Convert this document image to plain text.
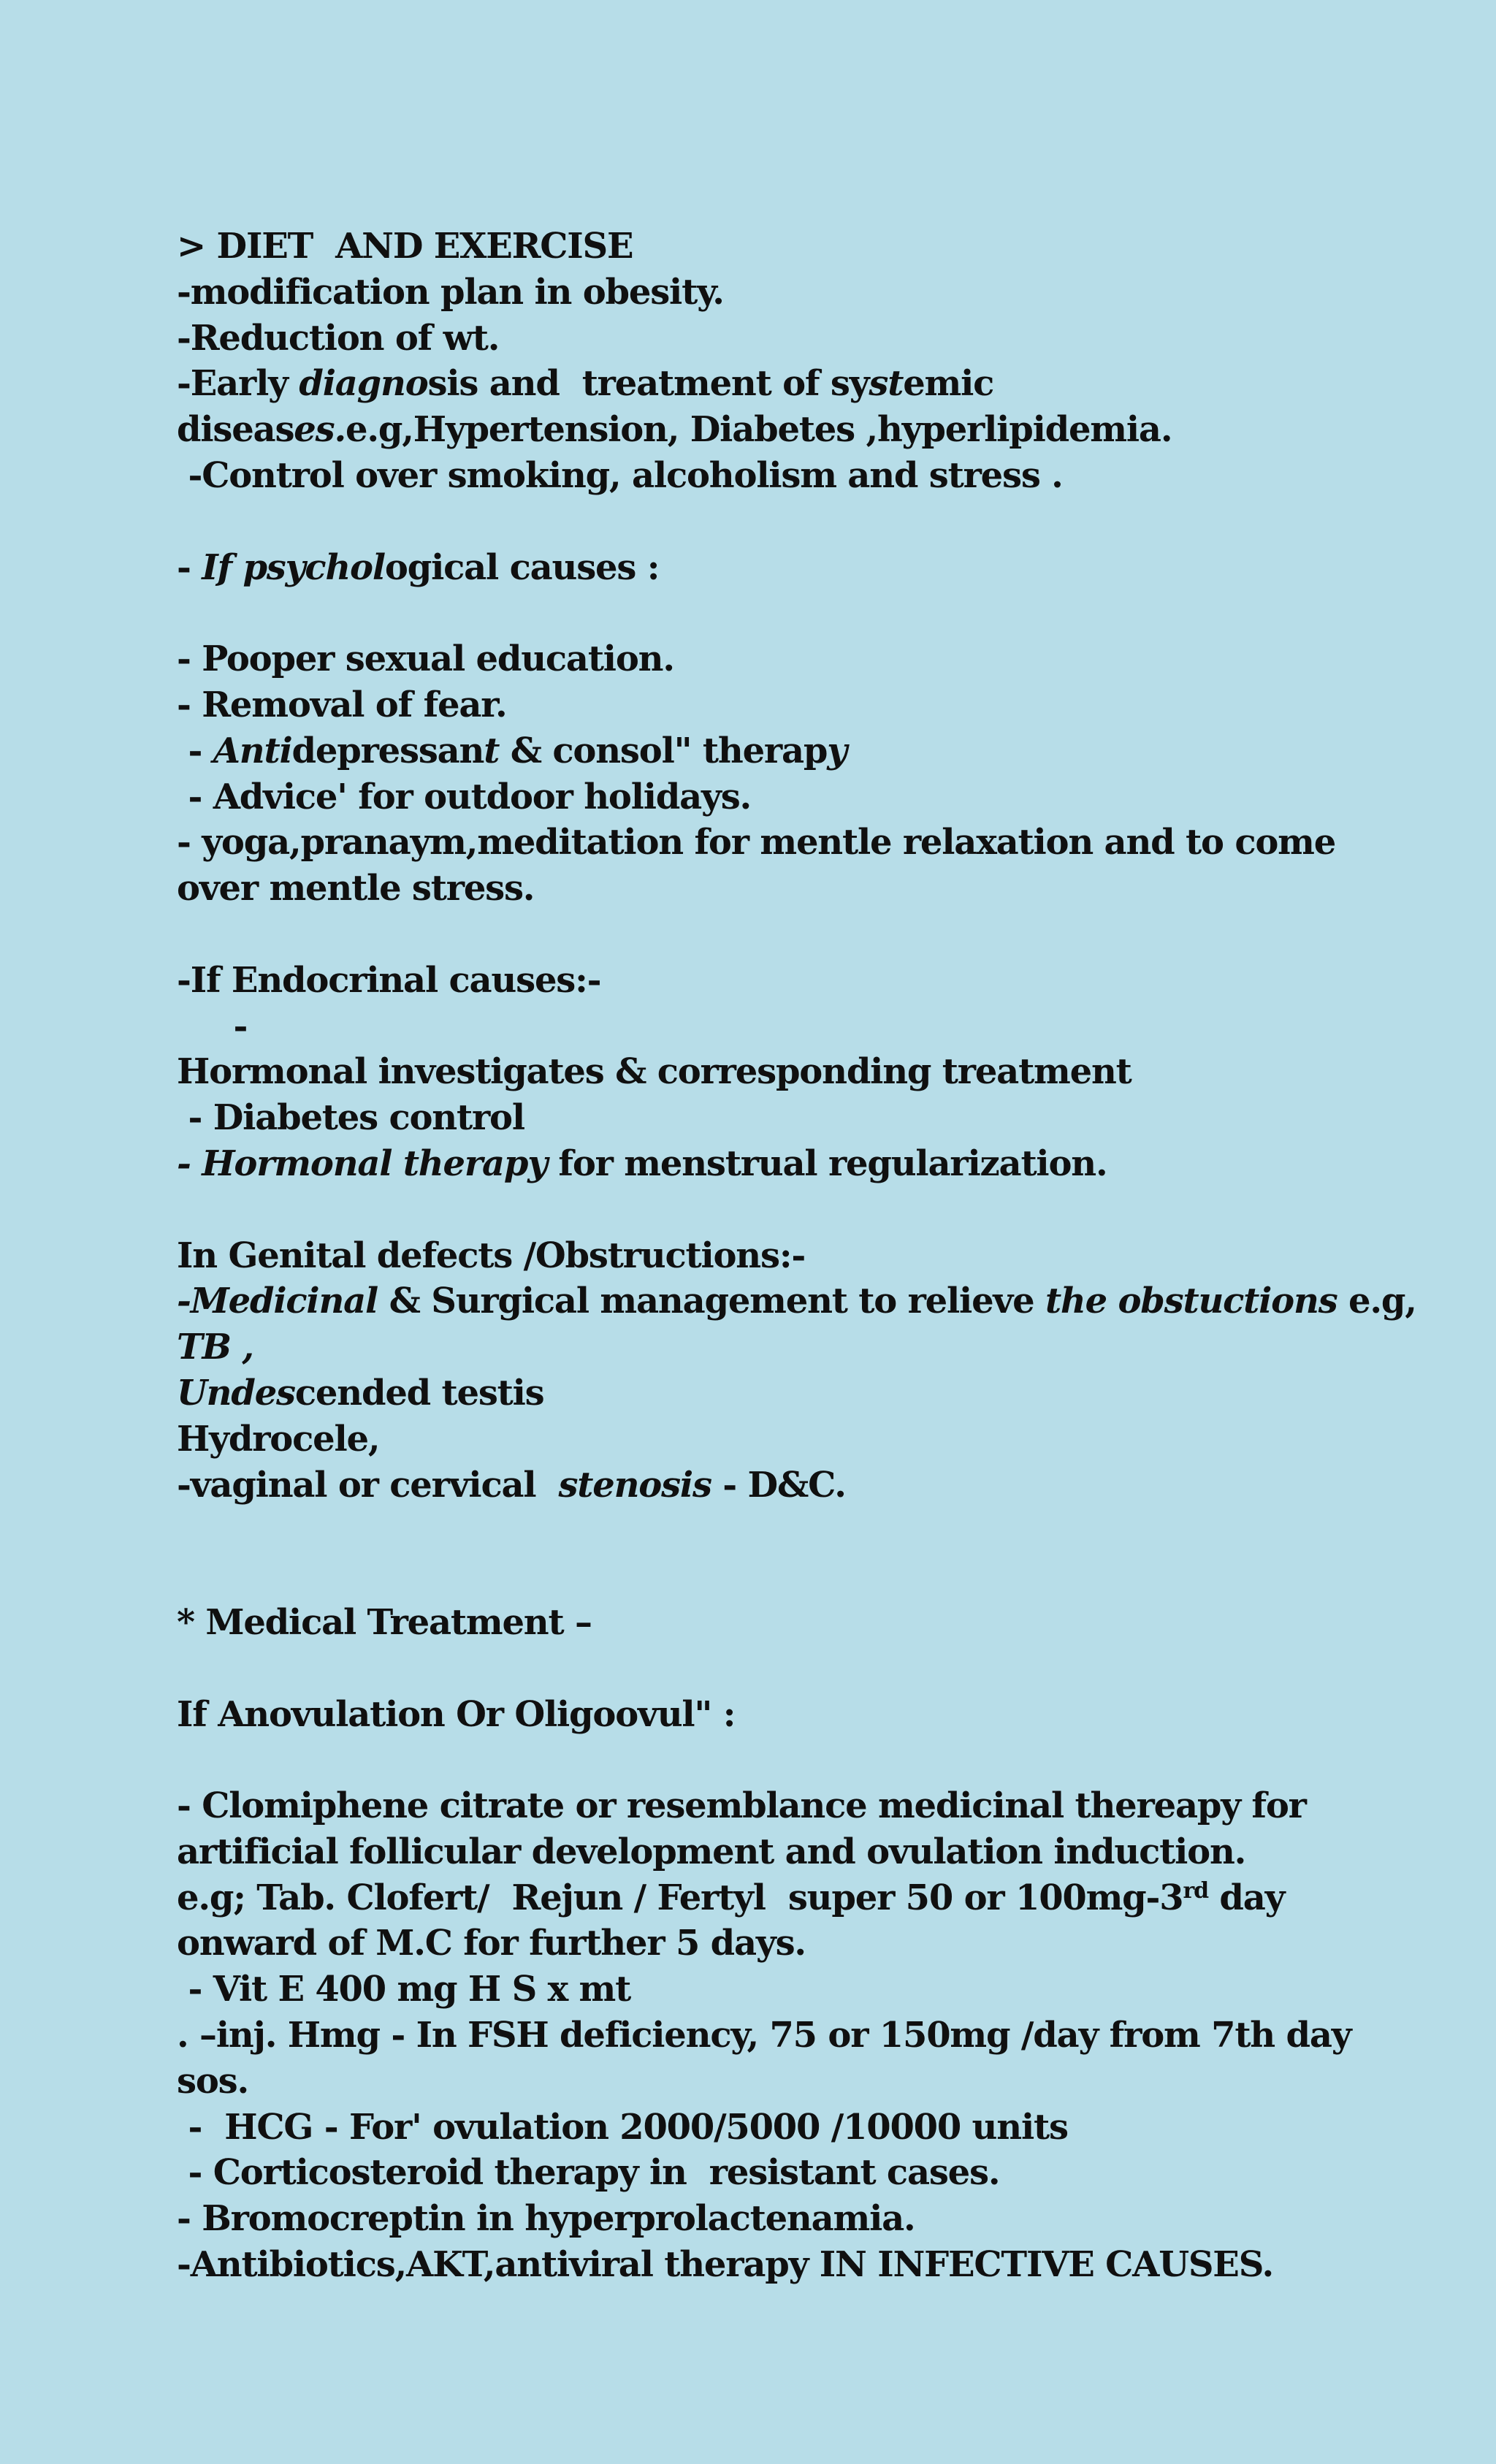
> DIET  AND EXERCISE
-modification plan in obesity.
-Reduction of wt.
-Early diagnosis and  treatment of systemic
diseases.e.g,Hypertension, Diabetes ,hyperlipidemia.
-Control over smoking, alcoholism and stress .
- If psychological causes :
- Pooper sexual education.
- Removal of fear.
- Antidepressant & consol" therapy
- Advice' for outdoor holidays.
- yoga,pranaym,meditation for mentle relaxation and to come
over mentle stress.
-If Endocrinal causes:-
-
Hormonal investigates & corresponding treatment
- Diabetes control
- Hormonal therapy for menstrual regularization.
In Genital defects /Obstructions:-
-Medicinal & Surgical management to relieve the obstuctions e.g,
TB ,
Undescended testis
Hydrocele,
-vaginal or cervical  stenosis - D&C.
* Medical Treatment –
If Anovulation Or Oligoovul" :
- Clomiphene citrate or resemblance medicinal thereapy for
artificial follicular development and ovulation induction.
e.g; Tab. Clofert/  Rejun / Fertyl  super 50 or 100mg-3rd day
onward of M.C for further 5 days.
- Vit E 400 mg H S x mt
. –inj. Hmg - In FSH deficiency, 75 or 150mg /day from 7th day
sos.
-  HCG - For' ovulation 2000/5000 /10000 units
- Corticosteroid therapy in  resistant cases.
- Bromocreptin in hyperprolactenamia.
-Antibiotics,AKT,antiviral therapy IN INFECTIVE CAUSES.
